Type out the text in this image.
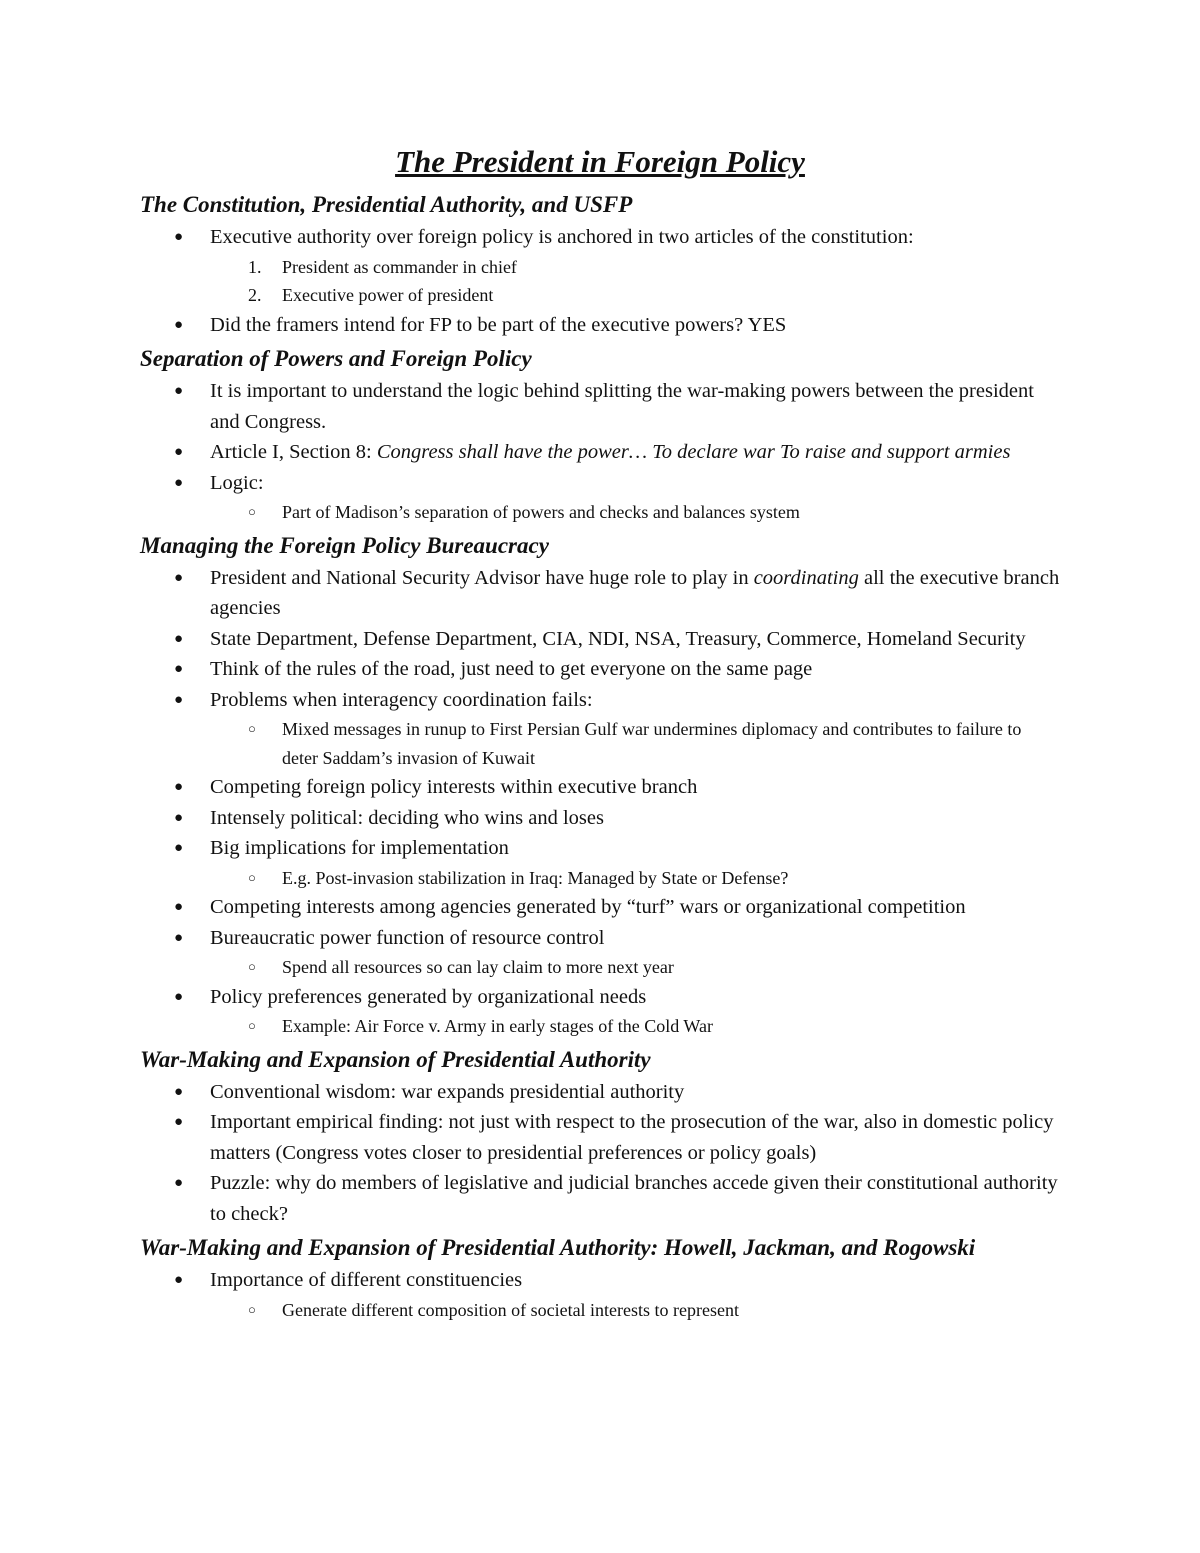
The President in Foreign Policy
The Constitution, Presidential Authority, and USFP
● Executive authority over foreign policy is anchored in two articles of the constitution:
1. President as commander in chief
2. Executive power of president
● Did the framers intend for FP to be part of the executive powers? YES
Separation of Powers and Foreign Policy
● It is important to understand the logic behind splitting the war-making powers between the president and Congress.
● Article I, Section 8: Congress shall have the power… To declare war To raise and support armies
● Logic:
○ Part of Madison’s separation of powers and checks and balances system
Managing the Foreign Policy Bureaucracy
● President and National Security Advisor have huge role to play in coordinating all the executive branch agencies
● State Department, Defense Department, CIA, NDI, NSA, Treasury, Commerce, Homeland Security
● Think of the rules of the road, just need to get everyone on the same page
● Problems when interagency coordination fails:
○ Mixed messages in runup to First Persian Gulf war undermines diplomacy and contributes to failure to deter Saddam’s invasion of Kuwait
● Competing foreign policy interests within executive branch
● Intensely political: deciding who wins and loses
● Big implications for implementation
○ E.g. Post-invasion stabilization in Iraq: Managed by State or Defense?
● Competing interests among agencies generated by “turf” wars or organizational competition
● Bureaucratic power function of resource control
○ Spend all resources so can lay claim to more next year
● Policy preferences generated by organizational needs
○ Example: Air Force v. Army in early stages of the Cold War
War-Making and Expansion of Presidential Authority
● Conventional wisdom: war expands presidential authority
● Important empirical finding: not just with respect to the prosecution of the war, also in domestic policy matters (Congress votes closer to presidential preferences or policy goals)
● Puzzle: why do members of legislative and judicial branches accede given their constitutional authority to check?
War-Making and Expansion of Presidential Authority: Howell, Jackman, and Rogowski
● Importance of different constituencies
○ Generate different composition of societal interests to represent
